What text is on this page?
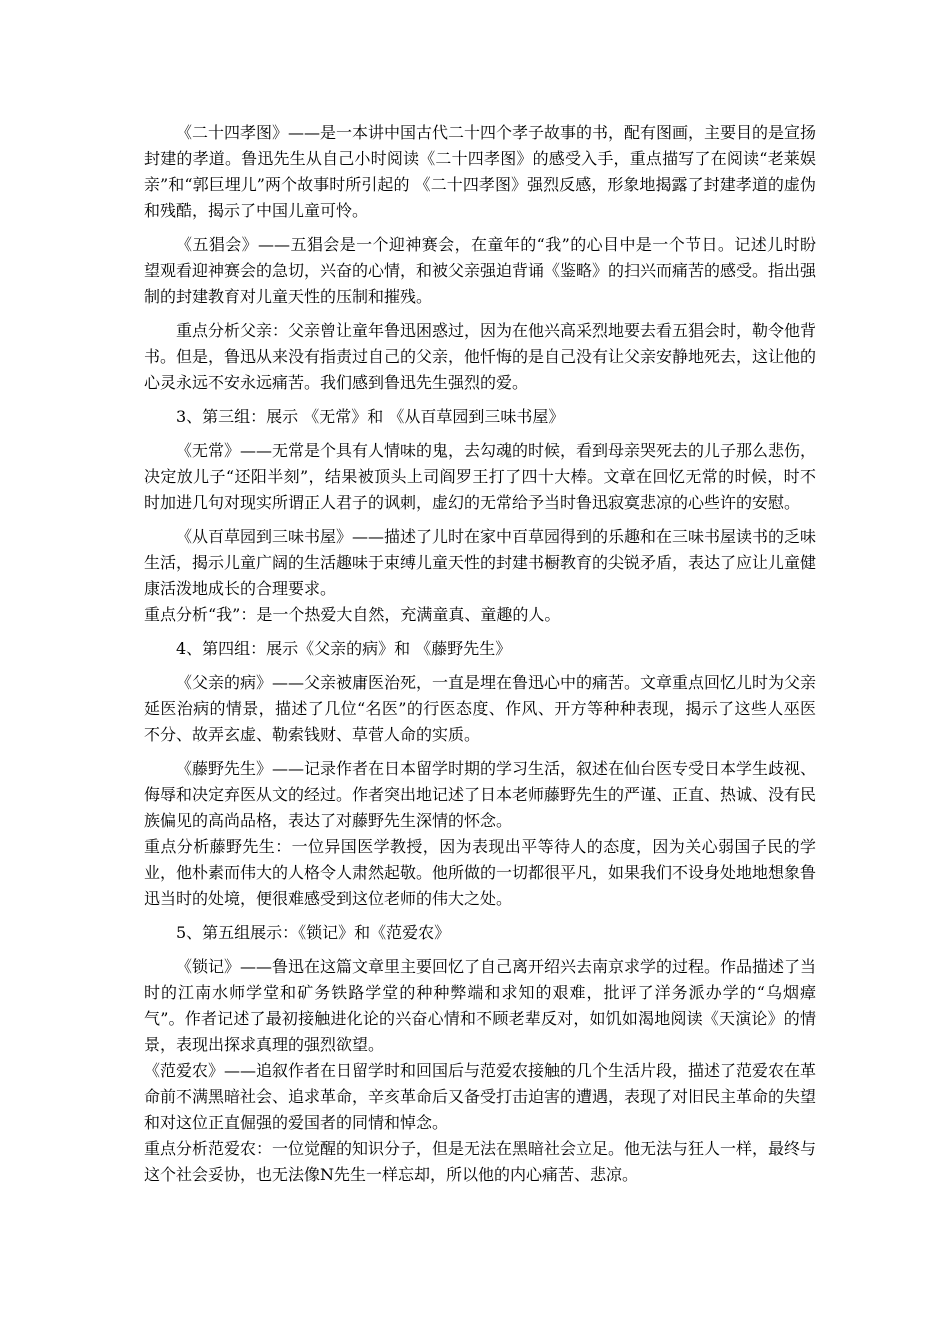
《二十四孝图》——是一本讲中国古代二十四个孝子故事的书，配有图画，主要目的是宣扬封建的孝道。鲁迅先生从自己小时阅读《二十四孝图》的感受入手，重点描写了在阅读“老莱娱亲”和“郭巨埋儿”两个故事时所引起的 《二十四孝图》强烈反感，形象地揭露了封建孝道的虚伪和残酷，揭示了中国儿童可怜。

《五猖会》——五猖会是一个迎神赛会，在童年的“我”的心目中是一个节日。记述儿时盼望观看迎神赛会的急切，兴奋的心情，和被父亲强迫背诵《鉴略》的扫兴而痛苦的感受。指出强制的封建教育对儿童天性的压制和摧残。

重点分析父亲：父亲曾让童年鲁迅困惑过，因为在他兴高采烈地要去看五猖会时，勒令他背书。但是，鲁迅从来没有指责过自己的父亲，他忏悔的是自己没有让父亲安静地死去，这让他的心灵永远不安永远痛苦。我们感到鲁迅先生强烈的爱。

3、第三组：展示 《无常》和 《从百草园到三味书屋》

《无常》——无常是个具有人情味的鬼，去勾魂的时候，看到母亲哭死去的儿子那么悲伤，决定放儿子“还阳半刻”，结果被顶头上司阎罗王打了四十大棒。文章在回忆无常的时候，时不时加进几句对现实所谓正人君子的讽刺，虚幻的无常给予当时鲁迅寂寞悲凉的心些许的安慰。

《从百草园到三味书屋》——描述了儿时在家中百草园得到的乐趣和在三味书屋读书的乏味生活，揭示儿童广阔的生活趣味于束缚儿童天性的封建书橱教育的尖锐矛盾，表达了应让儿童健康活泼地成长的合理要求。

重点分析“我”：是一个热爱大自然，充满童真、童趣的人。

4、第四组：展示《父亲的病》和 《藤野先生》

《父亲的病》——父亲被庸医治死，一直是埋在鲁迅心中的痛苦。文章重点回忆儿时为父亲延医治病的情景，描述了几位“名医”的行医态度、作风、开方等种种表现，揭示了这些人巫医不分、故弄玄虚、勒索钱财、草菅人命的实质。

《藤野先生》——记录作者在日本留学时期的学习生活，叙述在仙台医专受日本学生歧视、侮辱和决定弃医从文的经过。作者突出地记述了日本老师藤野先生的严谨、正直、热诚、没有民族偏见的高尚品格，表达了对藤野先生深情的怀念。

重点分析藤野先生：一位异国医学教授，因为表现出平等待人的态度，因为关心弱国子民的学业，他朴素而伟大的人格令人肃然起敬。他所做的一切都很平凡，如果我们不设身处地地想象鲁迅当时的处境，便很难感受到这位老师的伟大之处。

5、第五组展示：《锁记》和《范爱农》

《锁记》——鲁迅在这篇文章里主要回忆了自己离开绍兴去南京求学的过程。作品描述了当时的江南水师学堂和矿务铁路学堂的种种弊端和求知的艰难，批评了洋务派办学的“乌烟瘴气”。作者记述了最初接触进化论的兴奋心情和不顾老辈反对，如饥如渴地阅读《天演论》的情景，表现出探求真理的强烈欲望。

《范爱农》——追叙作者在日留学时和回国后与范爱农接触的几个生活片段，描述了范爱农在革命前不满黑暗社会、追求革命，辛亥革命后又备受打击迫害的遭遇，表现了对旧民主革命的失望和对这位正直倔强的爱国者的同情和悼念。

重点分析范爱农：一位觉醒的知识分子，但是无法在黑暗社会立足。他无法与狂人一样，最终与这个社会妥协，也无法像N先生一样忘却，所以他的内心痛苦、悲凉。
